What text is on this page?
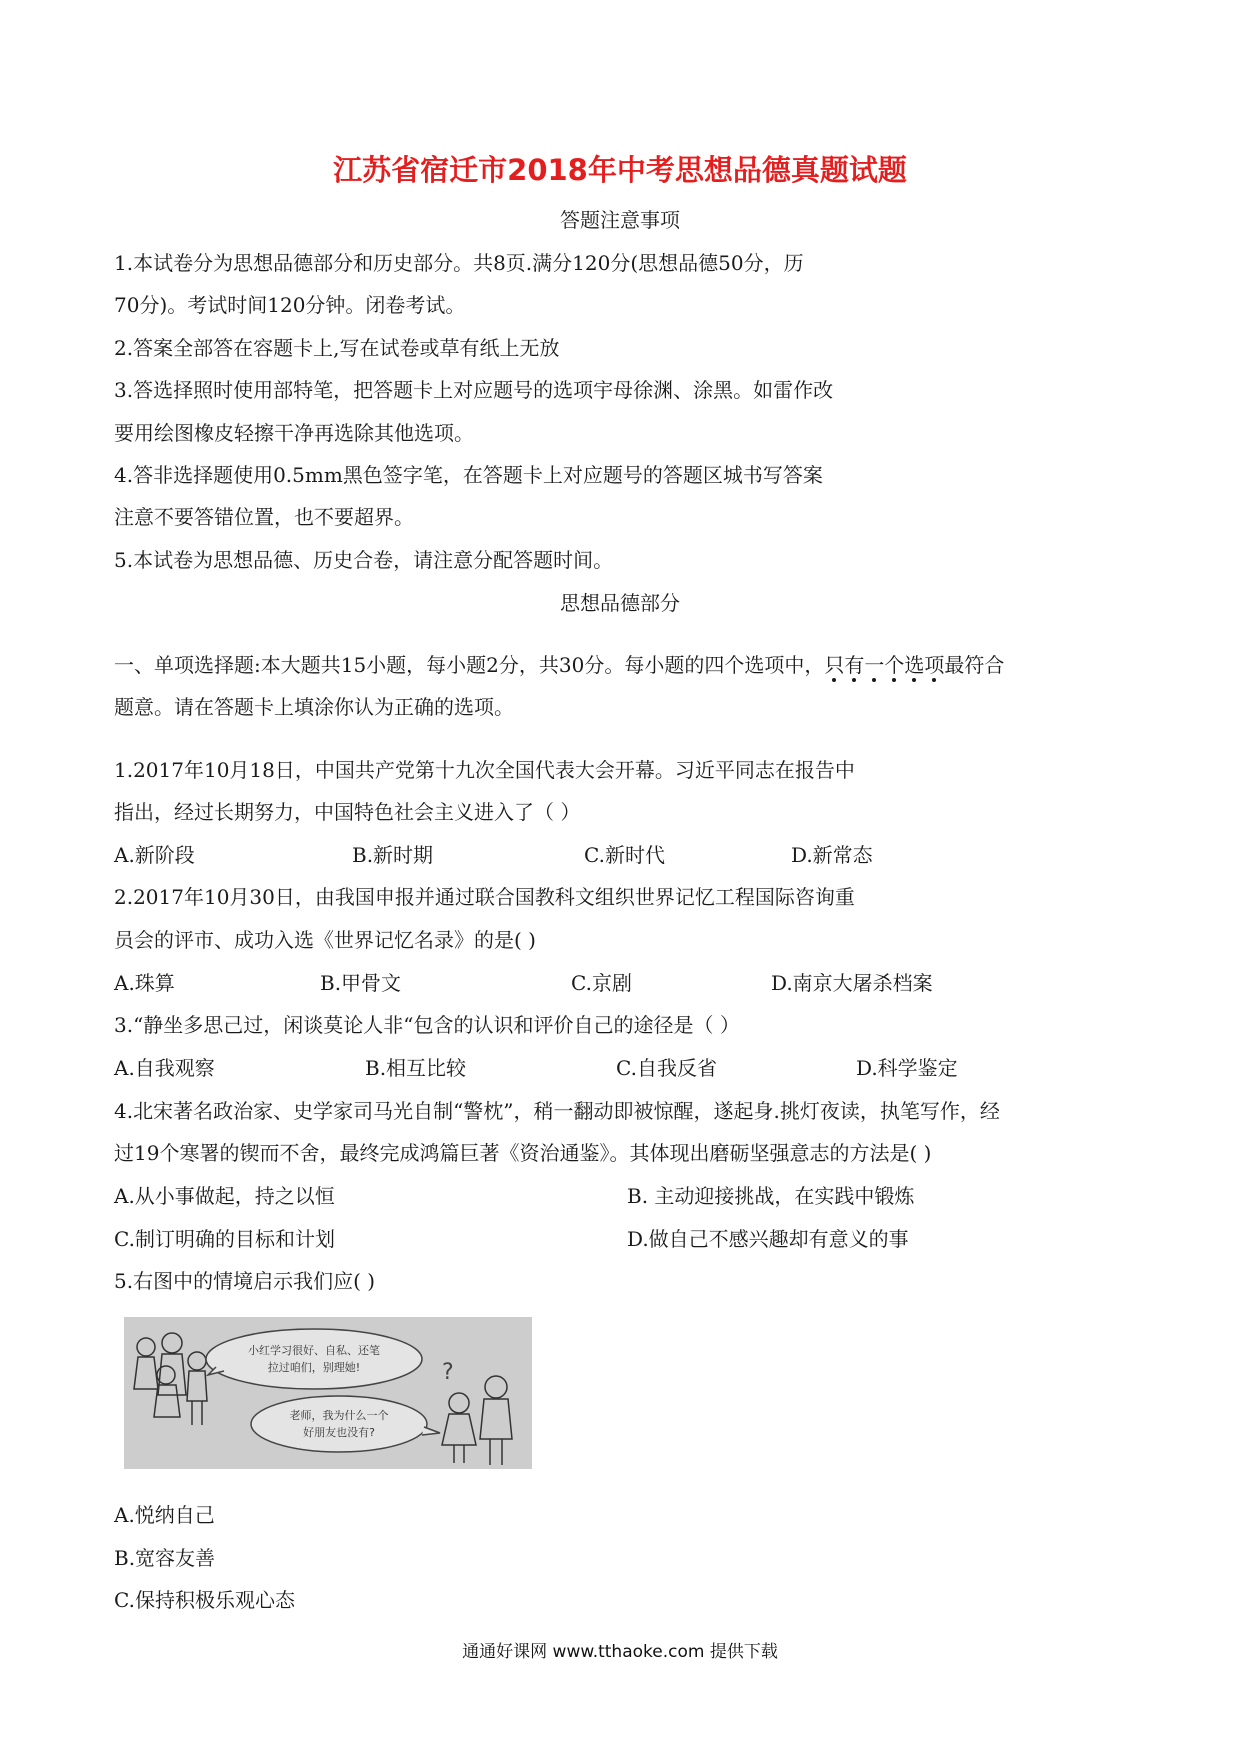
江苏省宿迁市2018年中考思想品德真题试题
答题注意事项
1.本试卷分为思想品德部分和历史部分。共8页.满分120分(思想品德50分，历
70分)。考试时间120分钟。闭卷考试。
2.答案全部答在容题卡上,写在试卷或草有纸上无放
3.答选择照时使用部特笔，把答题卡上对应题号的选项宇母徐渊、涂黑。如雷作改
要用绘图橡皮轻擦干净再选除其他选项。
4.答非选择题使用0.5mm黑色签字笔，在答题卡上对应题号的答题区城书写答案
注意不要答错位置，也不要超界。
5.本试卷为思想品德、历史合卷，请注意分配答题时间。
思想品德部分
一、单项选择题:本大题共15小题，每小题2分，共30分。每小题的四个选项中，只有一个选项最符合
题意。请在答题卡上填涂你认为正确的选项。
1.2017年10月18日，中国共产党第十九次全国代表大会开幕。习近平同志在报告中
指出，经过长期努力，中国特色社会主义进入了（ ）
A.新阶段	B.新时期	C.新时代	D.新常态
2.2017年10月30日，由我国申报并通过联合国教科文组织世界记忆工程国际咨询重
员会的评市、成功入选《世界记忆名录》的是( )
A.珠算	B.甲骨文	C.京剧	D.南京大屠杀档案
3.“静坐多思己过，闲谈莫论人非“包含的认识和评价自己的途径是（ ）
A.自我观察	B.相互比较	C.自我反省	D.科学鉴定
4.北宋著名政治家、史学家司马光自制“警枕”，稍一翻动即被惊醒，遂起身.挑灯夜读，执笔写作，经
过19个寒署的锲而不舍，最终完成鸿篇巨著《资治通鉴》。其体现出磨砺坚强意志的方法是( )
A.从小事做起，持之以恒	B. 主动迎接挑战，在实践中锻炼
C.制订明确的目标和计划	D.做自己不感兴趣却有意义的事
5.右图中的情境启示我们应( )
小红学习很好、自私、还笔
拉过咱们，别理她!
老师，我为什么一个
好朋友也没有?
?
A.悦纳自己
B.宽容友善
C.保持积极乐观心态
通通好课网 www.tthaoke.com 提供下载
